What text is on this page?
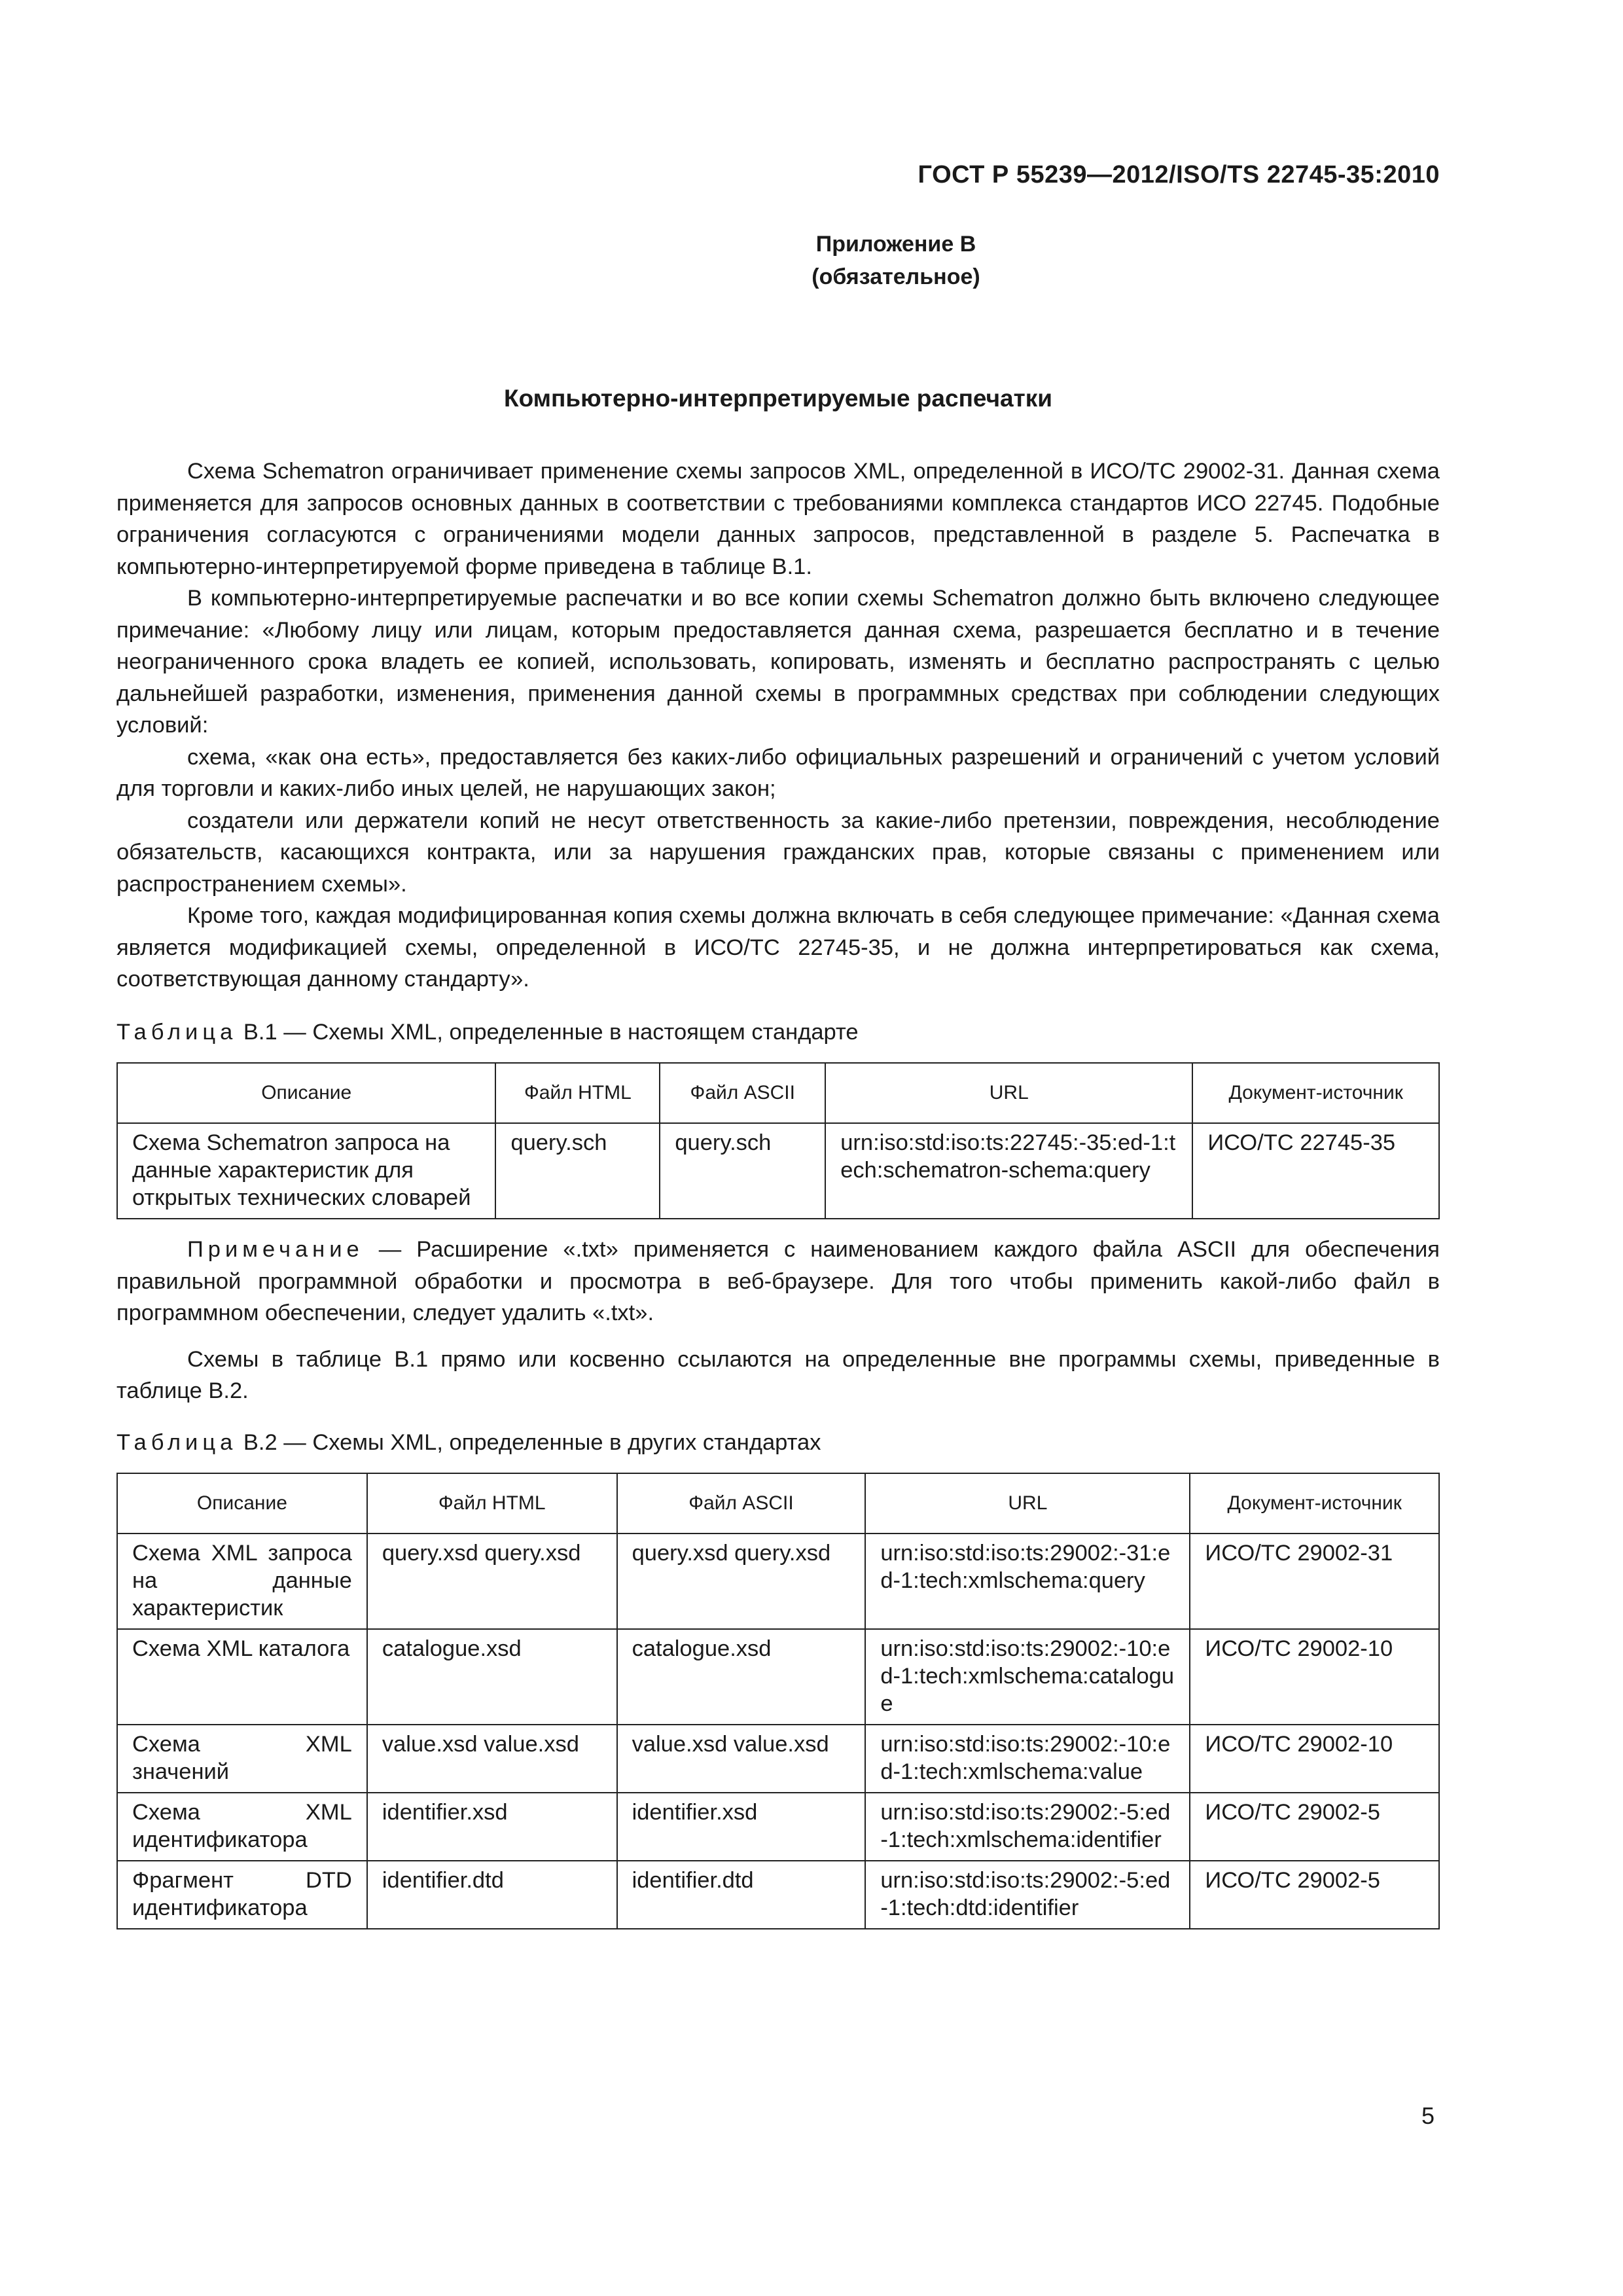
ГОСТ Р 55239—2012/ISO/TS 22745-35:2010
Приложение В
(обязательное)
Компьютерно-интерпретируемые распечатки

Схема Schematron ограничивает применение схемы запросов XML, определенной в ИСО/ТС 29002-31. Данная схема применяется для запросов основных данных в соответствии с требованиями комплекса стандартов ИСО 22745. Подобные ограничения согласуются с ограничениями модели данных запросов, представленной в разделе 5. Распечатка в компьютерно-интерпретируемой форме приведена в таблице В.1.

В компьютерно-интерпретируемые распечатки и во все копии схемы Schematron должно быть включено следующее примечание: «Любому лицу или лицам, которым предоставляется данная схема, разрешается бесплатно и в течение неограниченного срока владеть ее копией, использовать, копировать, изменять и бесплатно распространять с целью дальнейшей разработки, изменения, применения данной схемы в программных средствах при соблюдении следующих условий:

схема, «как она есть», предоставляется без каких-либо официальных разрешений и ограничений с учетом условий для торговли и каких-либо иных целей, не нарушающих закон;

создатели или держатели копий не несут ответственность за какие-либо претензии, повреждения, несоблюдение обязательств, касающихся контракта, или за нарушения гражданских прав, которые связаны с применением или распространением схемы».

Кроме того, каждая модифицированная копия схемы должна включать в себя следующее примечание: «Данная схема является модификацией схемы, определенной в ИСО/ТС 22745-35, и не должна интерпретироваться как схема, соответствующая данному стандарту».

Таблица В.1 — Схемы XML, определенные в настоящем стандарте

Описание	Файл HTML	Файл ASCII	URL	Документ-источник
Схема Schematron запроса на данные характеристик для открытых технических словарей	query.sch	query.sch	urn:iso:std:iso:ts:22745:-35:ed-1:tech:schematron-schema:query	ИСО/ТС 22745-35

Примечание — Расширение «.txt» применяется с наименованием каждого файла ASCII для обеспечения правильной программной обработки и просмотра в веб-браузере. Для того чтобы применить какой-либо файл в программном обеспечении, следует удалить «.txt».

Схемы в таблице В.1 прямо или косвенно ссылаются на определенные вне программы схемы, приведенные в таблице В.2.

Таблица В.2 — Схемы XML, определенные в других стандартах

Описание	Файл HTML	Файл ASCII	URL	Документ-источник
Схема XML запроса на данные характеристик	query.xsd query.xsd	query.xsd query.xsd	urn:iso:std:iso:ts:29002:-31:ed-1:tech:xmlschema:query	ИСО/ТС 29002-31
Схема XML каталога	catalogue.xsd	catalogue.xsd	urn:iso:std:iso:ts:29002:-10:ed-1:tech:xmlschema:catalogue	ИСО/ТС 29002-10
Схема XML значений	value.xsd value.xsd	value.xsd value.xsd	urn:iso:std:iso:ts:29002:-10:ed-1:tech:xmlschema:value	ИСО/ТС 29002-10
Схема XML идентификатора	identifier.xsd	identifier.xsd	urn:iso:std:iso:ts:29002:-5:ed-1:tech:xmlschema:identifier	ИСО/ТС 29002-5
Фрагмент DTD идентификатора	identifier.dtd	identifier.dtd	urn:iso:std:iso:ts:29002:-5:ed-1:tech:dtd:identifier	ИСО/ТС 29002-5
5
